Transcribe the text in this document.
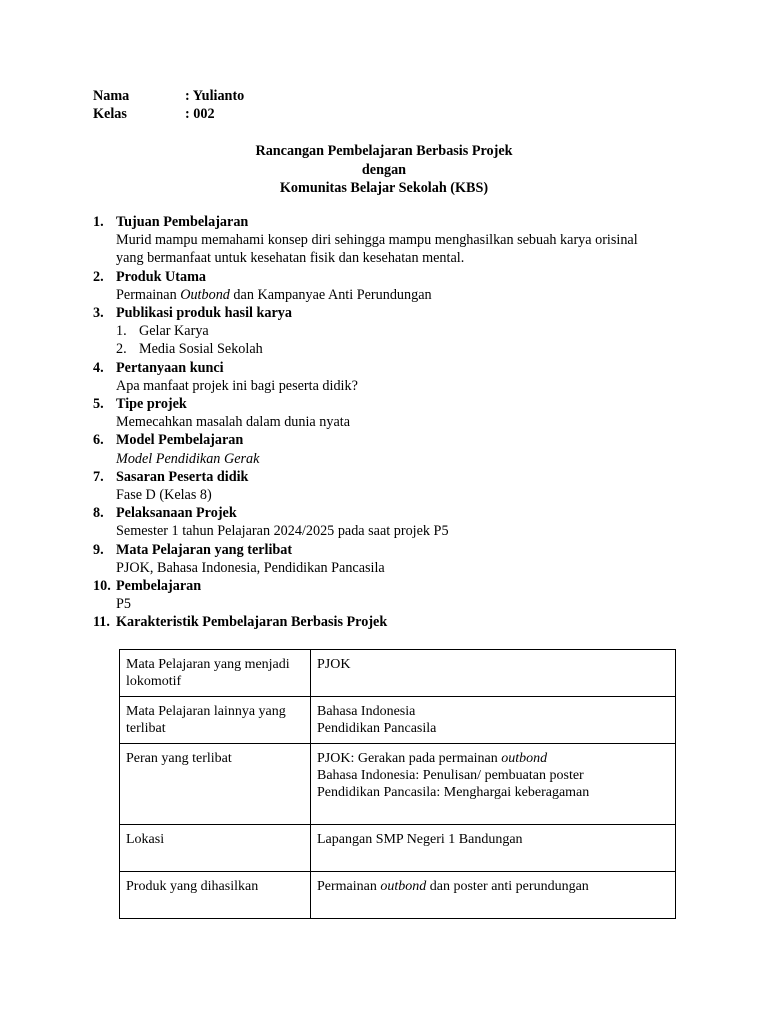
Nama	: Yulianto
Kelas	: 002
Rancangan Pembelajaran Berbasis Projek
dengan
Komunitas Belajar Sekolah (KBS)
1. Tujuan Pembelajaran
Murid mampu memahami konsep diri sehingga mampu menghasilkan sebuah karya orisinal yang bermanfaat untuk kesehatan fisik dan kesehatan mental.
2. Produk Utama
Permainan Outbond dan Kampanyae Anti Perundungan
3. Publikasi produk hasil karya
1. Gelar Karya
2. Media Sosial Sekolah
4. Pertanyaan kunci
Apa manfaat projek ini bagi peserta didik?
5. Tipe projek
Memecahkan masalah dalam dunia nyata
6. Model Pembelajaran
Model Pendidikan Gerak
7. Sasaran Peserta didik
Fase D (Kelas 8)
8. Pelaksanaan Projek
Semester 1 tahun Pelajaran 2024/2025 pada saat projek P5
9. Mata Pelajaran yang terlibat
PJOK, Bahasa Indonesia, Pendidikan Pancasila
10. Pembelajaran
P5
11. Karakteristik Pembelajaran Berbasis Projek
Mata Pelajaran yang menjadi lokomotif	PJOK
Mata Pelajaran lainnya yang terlibat	Bahasa Indonesia
Pendidikan Pancasila

Peran yang terlibat	PJOK: Gerakan pada permainan outbond
Bahasa Indonesia: Penulisan/ pembuatan poster
Pendidikan Pancasila: Menghargai keberagaman

Lokasi	Lapangan SMP Negeri 1 Bandungan
Produk yang dihasilkan	Permainan outbond dan poster anti perundungan
